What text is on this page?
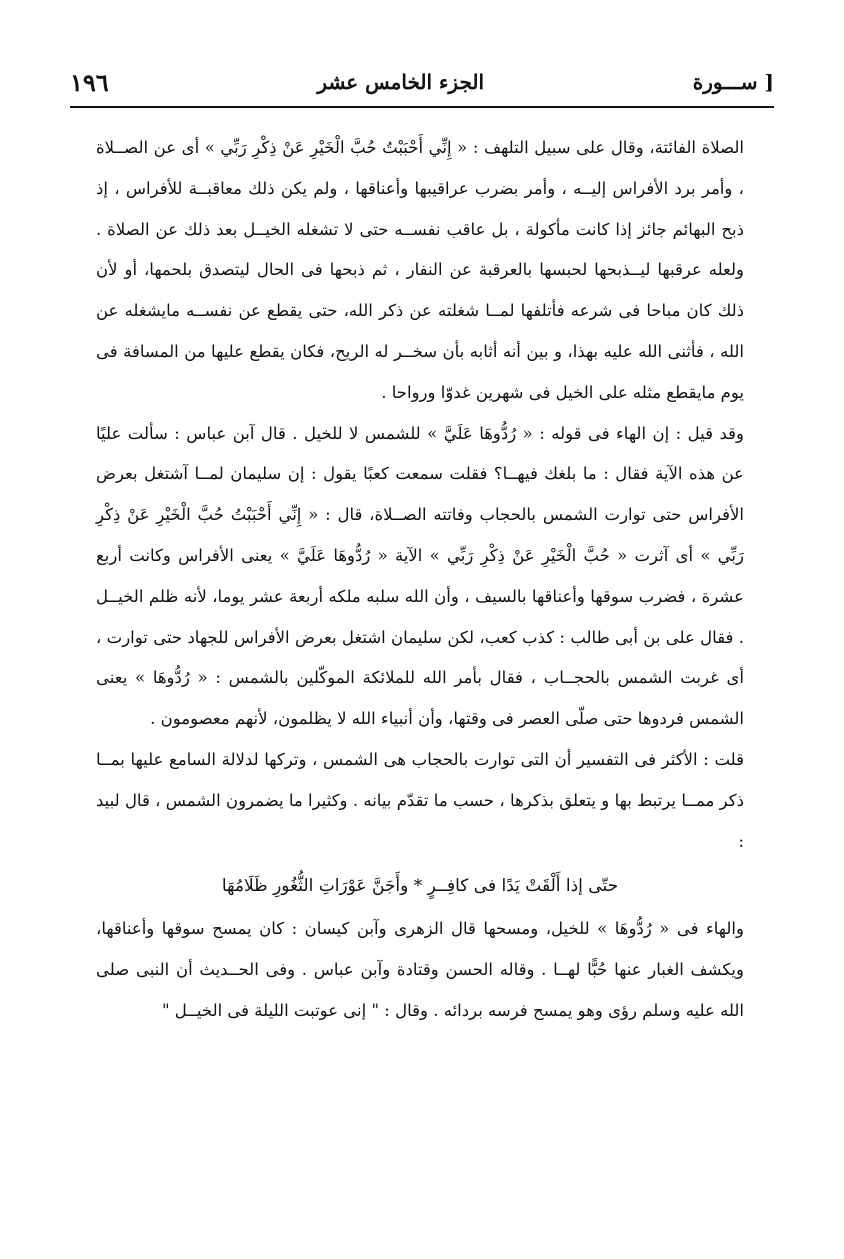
١٩٦	الجزء الخامس عشر	[ ســـورة

الصلاة الفائتة، وقال على سبيل التلهف : « إِنِّي أَحْبَبْتُ حُبَّ الْخَيْرِ عَنْ ذِكْرِ رَبِّي » أى عن الصــلاة ، وأمر برد الأفراس إليــه ، وأمر بضرب عراقيبها وأعناقها ، ولم يكن ذلك معاقبــة للأفراس ، إذ ذبح البهائم جائز إذا كانت مأكولة ، بل عاقب نفســه حتى لا تشغله الخيــل بعد ذلك عن الصلاة . ولعله عرقبها ليــذبحها لحبسها بالعرقبة عن النفار ، ثم ذبحها فى الحال ليتصدق بلحمها، أو لأن ذلك كان مباحا فى شرعه فأتلفها لمــا شغلته عن ذكر الله، حتى يقطع عن نفســه مايشغله عن الله ، فأثنى الله عليه بهذا، و بين أنه أثابه بأن سخــر له الريح، فكان يقطع عليها من المسافة فى يوم مايقطع مثله على الخيل فى شهرين غدوّا ورواحا .

وقد قيل : إن الهاء فى قوله : « رُدُّوهَا عَلَيَّ » للشمس لا للخيل . قال آبن عباس : سألت عليًا عن هذه الآية فقال : ما بلغك فيهــا؟ فقلت سمعت كعبًا يقول : إن سليمان لمــا آشتغل بعرض الأفراس حتى توارت الشمس بالحجاب وفاتته الصــلاة، قال : « إِنِّي أَحْبَبْتُ حُبَّ الْخَيْرِ عَنْ ذِكْرِ رَبِّي » أى آثرت « حُبَّ الْخَيْرِ عَنْ ذِكْرِ رَبِّي » الآية « رُدُّوهَا عَلَيَّ » يعنى الأفراس وكانت أربع عشرة ، فضرب سوقها وأعناقها بالسيف ، وأن الله سلبه ملكه أربعة عشر يوما، لأنه ظلم الخيــل . فقال على بن أبى طالب : كذب كعب، لكن سليمان اشتغل بعرض الأفراس للجهاد حتى توارت ، أى غربت الشمس بالحجــاب ، فقال بأمر الله للملائكة الموكّلين بالشمس : « رُدُّوهَا » يعنى الشمس فردوها حتى صلّى العصر فى وقتها، وأن أنبياء الله لا يظلمون، لأنهم معصومون .

قلت : الأكثر فى التفسير أن التى توارت بالحجاب هى الشمس ، وتركها لدلالة السامع عليها بمــا ذكر ممــا يرتبط بها و يتعلق بذكرها ، حسب ما تقدّم بيانه . وكثيرا ما يضمرون الشمس ، قال لبيد :

حتّى إذا أَلْقَتْ يَدًا فى كافِــرٍ * وأَجَنَّ عَوْرَاتِ الثُّغُورِ ظَلَامُهَا

والهاء فى « رُدُّوهَا » للخيل، ومسحها قال الزهرى وآبن كيسان : كان يمسح سوقها وأعناقها، ويكشف الغبار عنها حُبًّا لهــا . وقاله الحسن وقتادة وآبن عباس . وفى الحــديث أن النبى صلى الله عليه وسلم رؤى وهو يمسح فرسه بردائه . وقال : " إنى عوتبت الليلة فى الخيــل "
